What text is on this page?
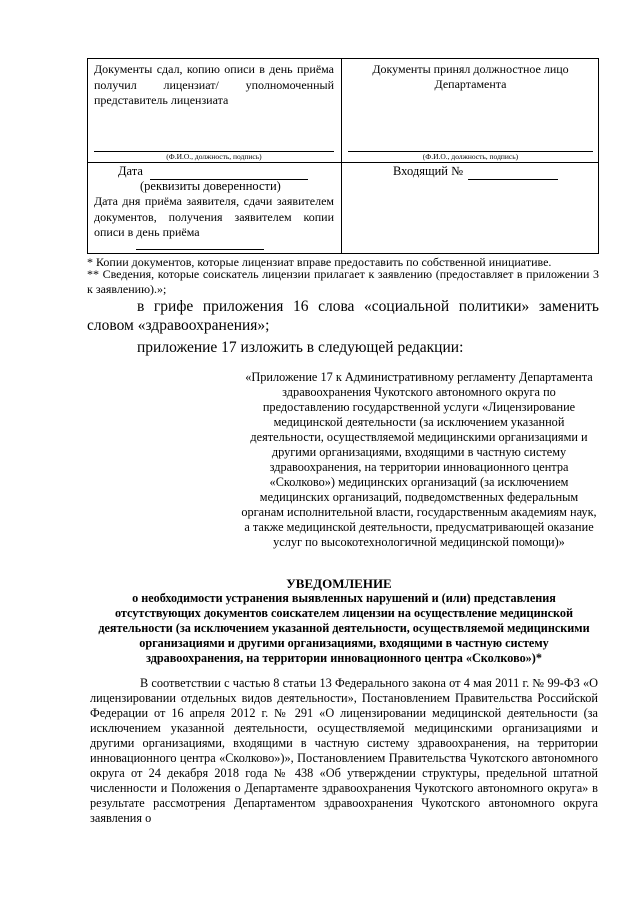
Документы сдал, копию описи в день приёма получил лицензиат/ уполномоченный представитель лицензиата
(Ф.И.О., должность, подпись)
Дата
(реквизиты доверенности)
Дата дня приёма заявителя, сдачи заявителем документов, получения заявителем копии описи в день приёма
Документы принял должностное лицо
Департамента
(Ф.И.О., должность, подпись)
Входящий №
* Копии документов, которые лицензиат вправе предоставить по собственной инициативе.
** Сведения, которые соискатель лицензии прилагает к заявлению (предоставляет в приложении 3 к заявлению).»;
в грифе приложения 16 слова «социальной политики» заменить словом «здравоохранения»;
приложение 17 изложить в следующей редакции:
«Приложение 17 к Административному регламенту Департамента здравоохранения Чукотского автономного округа по предоставлению государственной услуги «Лицензирование медицинской деятельности (за исключением указанной деятельности, осуществляемой медицинскими организациями и другими организациями, входящими в частную систему здравоохранения, на территории инновационного центра «Сколково») медицинских организаций (за исключением медицинских организаций, подведомственных федеральным органам исполнительной власти, государственным академиям наук, а также медицинской деятельности, предусматривающей оказание услуг по высокотехнологичной медицинской помощи)»
УВЕДОМЛЕНИЕ
о необходимости устранения выявленных нарушений и (или) представления отсутствующих документов соискателем лицензии на осуществление медицинской деятельности (за исключением указанной деятельности, осуществляемой медицинскими организациями и другими организациями, входящими в частную систему здравоохранения, на территории инновационного центра «Сколково»)*
В соответствии с частью 8 статьи 13 Федерального закона от 4 мая 2011 г. № 99-ФЗ «О лицензировании отдельных видов деятельности», Постановлением Правительства Российской Федерации от 16 апреля 2012 г. № 291 «О лицензировании медицинской деятельности (за исключением указанной деятельности, осуществляемой медицинскими организациями и другими организациями, входящими в частную систему здравоохранения, на территории инновационного центра «Сколково»)», Постановлением Правительства Чукотского автономного округа от 24 декабря 2018 года № 438 «Об утверждении структуры, предельной штатной численности и Положения о Департаменте здравоохранения Чукотского автономного округа» в результате рассмотрения Департаментом здравоохранения Чукотского автономного округа заявления о
